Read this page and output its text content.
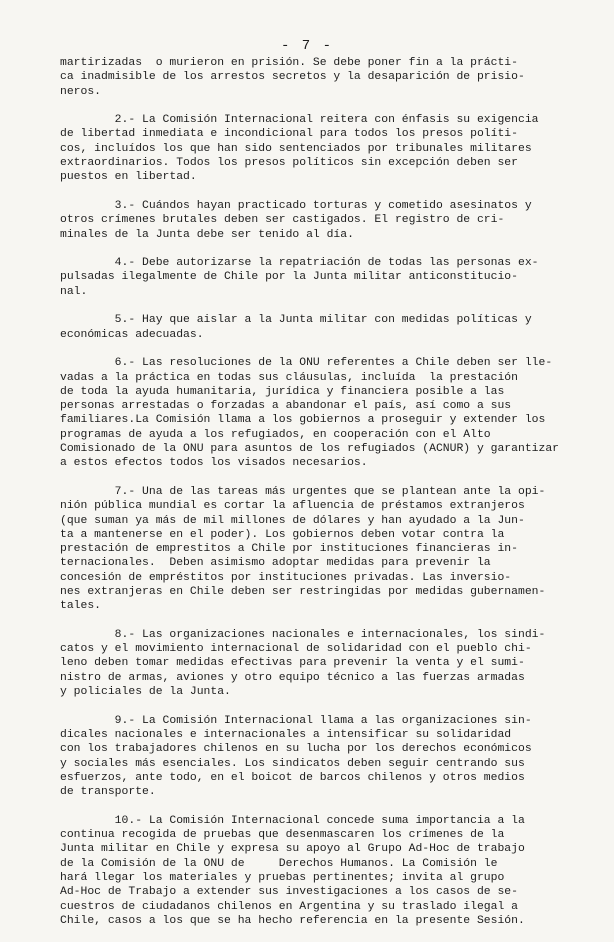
- 7 -
martirizadas  o murieron en prisión. Se debe poner fin a la prácti-
ca inadmisible de los arrestos secretos y la desaparición de prisio-
neros.
2.- La Comisión Internacional reitera con énfasis su exigencia
de libertad inmediata e incondicional para todos los presos políti-
cos, incluídos los que han sido sentenciados por tribunales militares
extraordinarios. Todos los presos políticos sin excepción deben ser
puestos en libertad.
3.- Cuándos hayan practicado torturas y cometido asesinatos y
otros crímenes brutales deben ser castigados. El registro de cri-
minales de la Junta debe ser tenido al día.
4.- Debe autorizarse la repatriación de todas las personas ex-
pulsadas ilegalmente de Chile por la Junta militar anticonstitucio-
nal.
5.- Hay que aislar a la Junta militar con medidas políticas y
económicas adecuadas.
6.- Las resoluciones de la ONU referentes a Chile deben ser lle-
vadas a la práctica en todas sus cláusulas, incluída  la prestación
de toda la ayuda humanitaria, jurídica y financiera posible a las
personas arrestadas o forzadas a abandonar el país, así como a sus
familiares.La Comisión llama a los gobiernos a proseguir y extender los
programas de ayuda a los refugiados, en cooperación con el Alto
Comisionado de la ONU para asuntos de los refugiados (ACNUR) y garantizar
a estos efectos todos los visados necesarios.
7.- Una de las tareas más urgentes que se plantean ante la opi-
nión pública mundial es cortar la afluencia de préstamos extranjeros
(que suman ya más de mil millones de dólares y han ayudado a la Jun-
ta a mantenerse en el poder). Los gobiernos deben votar contra la
prestación de emprestitos a Chile por instituciones financieras in-
ternacionales.  Deben asimismo adoptar medidas para prevenir la
concesión de empréstitos por instituciones privadas. Las inversio-
nes extranjeras en Chile deben ser restringidas por medidas gubernamen-
tales.
8.- Las organizaciones nacionales e internacionales, los sindi-
catos y el movimiento internacional de solidaridad con el pueblo chi-
leno deben tomar medidas efectivas para prevenir la venta y el sumi-
nistro de armas, aviones y otro equipo técnico a las fuerzas armadas
y policiales de la Junta.
9.- La Comisión Internacional llama a las organizaciones sin-
dicales nacionales e internacionales a intensificar su solidaridad
con los trabajadores chilenos en su lucha por los derechos económicos
y sociales más esenciales. Los sindicatos deben seguir centrando sus
esfuerzos, ante todo, en el boicot de barcos chilenos y otros medios
de transporte.
10.- La Comisión Internacional concede suma importancia a la
continua recogida de pruebas que desenmascaren los crímenes de la
Junta militar en Chile y expresa su apoyo al Grupo Ad-Hoc de trabajo
de la Comisión de la ONU de     Derechos Humanos. La Comisión le
hará llegar los materiales y pruebas pertinentes; invita al grupo
Ad-Hoc de Trabajo a extender sus investigaciones a los casos de se-
cuestros de ciudadanos chilenos en Argentina y su traslado ilegal a
Chile, casos a los que se ha hecho referencia en la presente Sesión.
